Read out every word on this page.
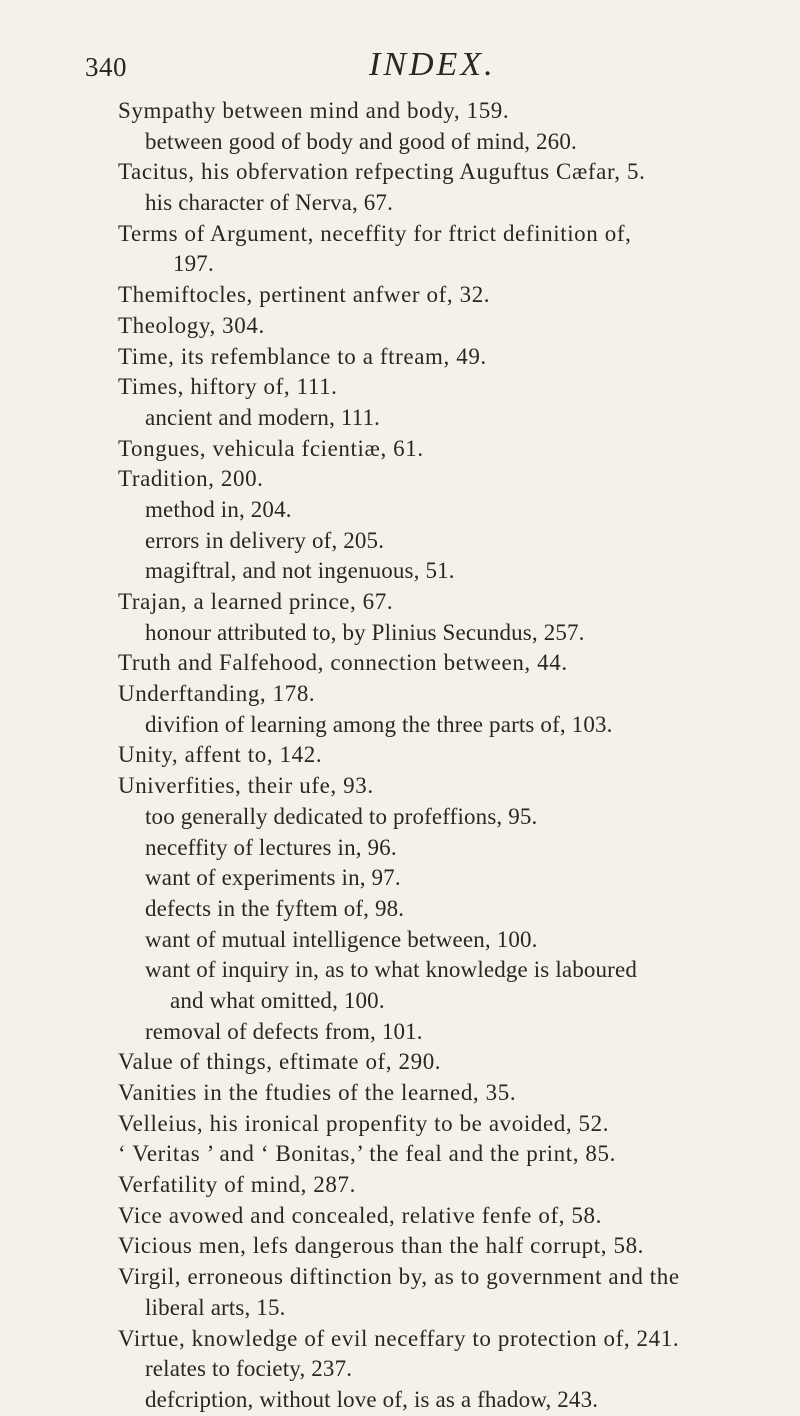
340	INDEX.
Sympathy between mind and body, 159.
between good of body and good of mind, 260.
Tacitus, his obfervation refpecting Auguftus Cæfar, 5.
his character of Nerva, 67.
Terms of Argument, neceffity for ftrict definition of,
197.
Themiftocles, pertinent anfwer of, 32.
Theology, 304.
Time, its refemblance to a ftream, 49.
Times, hiftory of, 111.
ancient and modern, 111.
Tongues, vehicula fcientiæ, 61.
Tradition, 200.
method in, 204.
errors in delivery of, 205.
magiftral, and not ingenuous, 51.
Trajan, a learned prince, 67.
honour attributed to, by Plinius Secundus, 257.
Truth and Falfehood, connection between, 44.
Underftanding, 178.
divifion of learning among the three parts of, 103.
Unity, affent to, 142.
Univerfities, their ufe, 93.
too generally dedicated to profeffions, 95.
neceffity of lectures in, 96.
want of experiments in, 97.
defects in the fyftem of, 98.
want of mutual intelligence between, 100.
want of inquiry in, as to what knowledge is laboured
and what omitted, 100.
removal of defects from, 101.
Value of things, eftimate of, 290.
Vanities in the ftudies of the learned, 35.
Velleius, his ironical propenfity to be avoided, 52.
‘ Veritas ’ and ‘ Bonitas,’ the feal and the print, 85.
Verfatility of mind, 287.
Vice avowed and concealed, relative fenfe of, 58.
Vicious men, lefs dangerous than the half corrupt, 58.
Virgil, erroneous diftinction by, as to government and the
liberal arts, 15.
Virtue, knowledge of evil neceffary to protection of, 241.
relates to fociety, 237.
defcription, without love of, is as a fhadow, 243.
